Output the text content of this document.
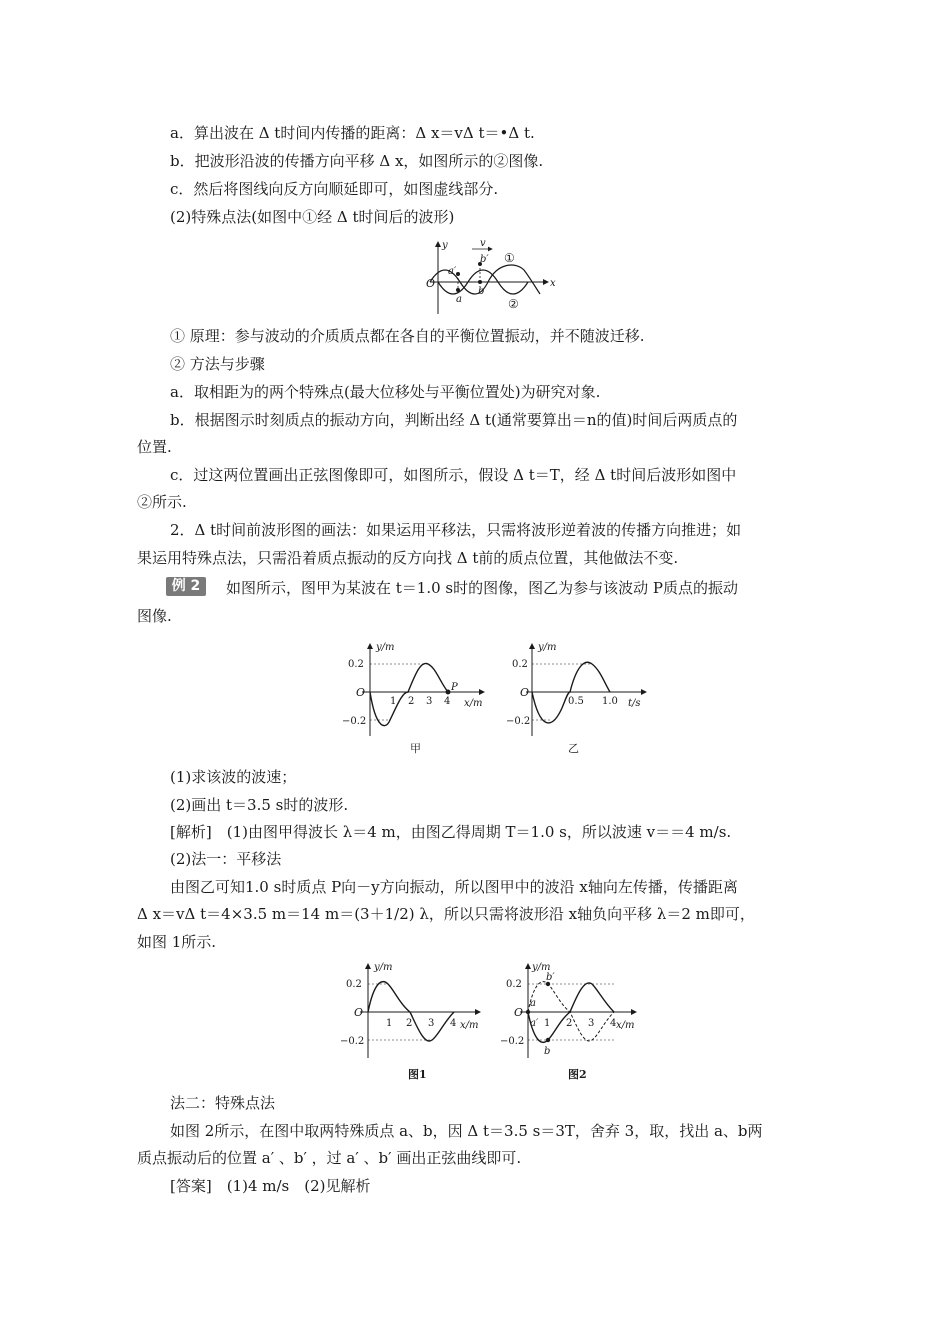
a．算出波在 Δ t时间内传播的距离：Δ x＝vΔ t＝•Δ t.
b．把波形沿波的传播方向平移 Δ x，如图所示的②图像.
c．然后将图线向反方向顺延即可，如图虚线部分.
(2)特殊点法(如图中①经 Δ t时间后的波形)
y	v
x
O
a′
b′
a
b
①
②
① 原理：参与波动的介质质点都在各自的平衡位置振动，并不随波迁移.
② 方法与步骤
a．取相距为的两个特殊点(最大位移处与平衡位置处)为研究对象.
b．根据图示时刻质点的振动方向，判断出经 Δ t(通常要算出＝n的值)时间后两质点的
位置.
c．过这两位置画出正弦图像即可，如图所示，假设 Δ t＝T，经 Δ t时间后波形如图中
②所示.
2．Δ t时间前波形图的画法：如果运用平移法，只需将波形逆着波的传播方向推进；如
果运用特殊点法，只需沿着质点振动的反方向找 Δ t前的质点位置，其他做法不变.
例 2	如图所示，图甲为某波在 t＝1.0 s时的图像，图乙为参与该波动 P质点的振动
图像.
y/m
x/m
O
0.2
−0.2
1 2 3 4
P
甲
y/m
t/s
O
0.2
−0.2
0.5 1.0
乙
(1)求该波的波速；
(2)画出 t＝3.5 s时的波形.
[解析]　(1)由图甲得波长 λ＝4 m，由图乙得周期 T＝1.0 s，所以波速 v＝＝4 m/s.
(2)法一：平移法
由图乙可知1.0 s时质点 P向－y方向振动，所以图甲中的波沿 x轴向左传播，传播距离
Δ x＝vΔ t＝4×3.5 m＝14 m＝(3＋1/2) λ，所以只需将波形沿 x轴负向平移 λ＝2 m即可，
如图 1所示.
y/m
x/m
O
0.2
−0.2
1 2 3 4
图1
y/m
x/m
O
0.2
−0.2
1 2 3 4
a
a′
b′
b
图2
法二：特殊点法
如图 2所示，在图中取两特殊质点 a、b，因 Δ t＝3.5 s＝3T，舍弃 3，取，找出 a、b两
质点振动后的位置 a′ 、b′ ，过 a′ 、b′ 画出正弦曲线即可.
[答案]　(1)4 m/s　(2)见解析
